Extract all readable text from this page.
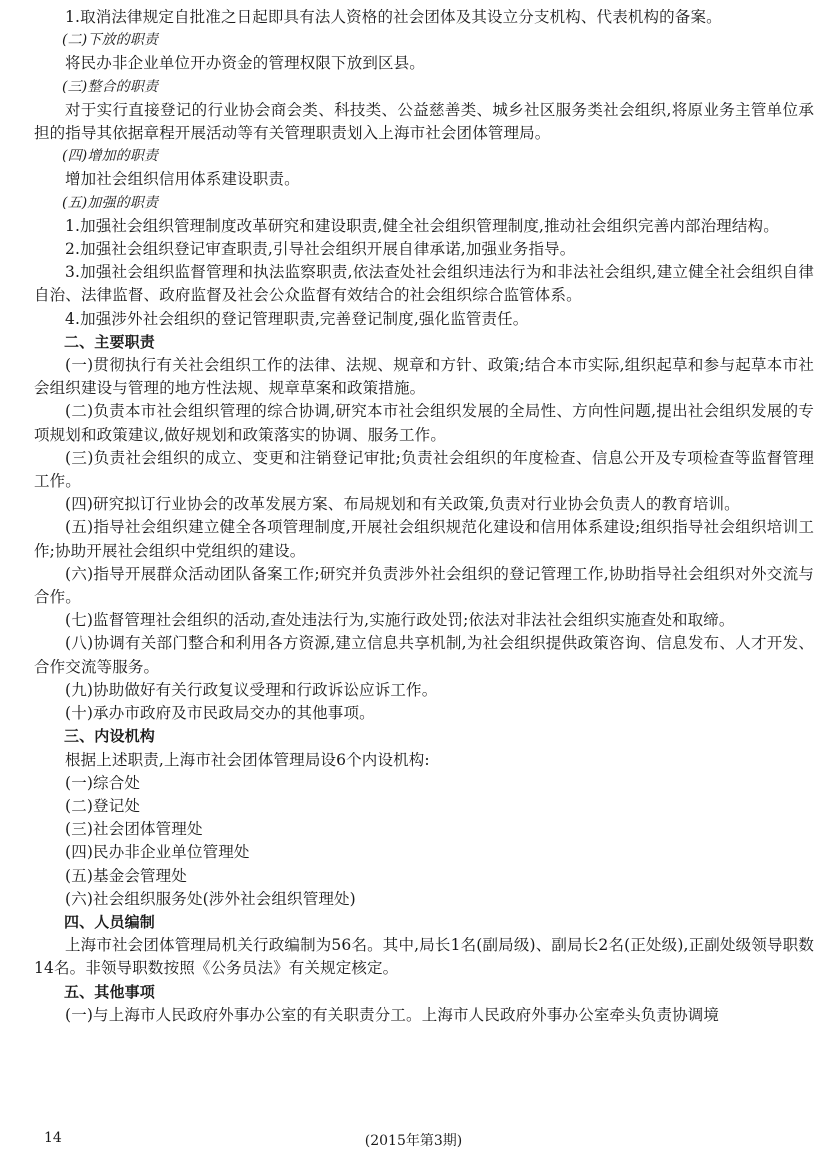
1.取消法律规定自批准之日起即具有法人资格的社会团体及其设立分支机构、代表机构的备案。

(二)下放的职责

将民办非企业单位开办资金的管理权限下放到区县。

(三)整合的职责

对于实行直接登记的行业协会商会类、科技类、公益慈善类、城乡社区服务类社会组织,将原业务主管单位承担的指导其依据章程开展活动等有关管理职责划入上海市社会团体管理局。

(四)增加的职责

增加社会组织信用体系建设职责。

(五)加强的职责

1.加强社会组织管理制度改革研究和建设职责,健全社会组织管理制度,推动社会组织完善内部治理结构。

2.加强社会组织登记审查职责,引导社会组织开展自律承诺,加强业务指导。

3.加强社会组织监督管理和执法监察职责,依法查处社会组织违法行为和非法社会组织,建立健全社会组织自律自治、法律监督、政府监督及社会公众监督有效结合的社会组织综合监管体系。

4.加强涉外社会组织的登记管理职责,完善登记制度,强化监管责任。

二、主要职责

(一)贯彻执行有关社会组织工作的法律、法规、规章和方针、政策;结合本市实际,组织起草和参与起草本市社会组织建设与管理的地方性法规、规章草案和政策措施。

(二)负责本市社会组织管理的综合协调,研究本市社会组织发展的全局性、方向性问题,提出社会组织发展的专项规划和政策建议,做好规划和政策落实的协调、服务工作。

(三)负责社会组织的成立、变更和注销登记审批;负责社会组织的年度检查、信息公开及专项检查等监督管理工作。

(四)研究拟订行业协会的改革发展方案、布局规划和有关政策,负责对行业协会负责人的教育培训。

(五)指导社会组织建立健全各项管理制度,开展社会组织规范化建设和信用体系建设;组织指导社会组织培训工作;协助开展社会组织中党组织的建设。

(六)指导开展群众活动团队备案工作;研究并负责涉外社会组织的登记管理工作,协助指导社会组织对外交流与合作。

(七)监督管理社会组织的活动,查处违法行为,实施行政处罚;依法对非法社会组织实施查处和取缔。

(八)协调有关部门整合和利用各方资源,建立信息共享机制,为社会组织提供政策咨询、信息发布、人才开发、合作交流等服务。

(九)协助做好有关行政复议受理和行政诉讼应诉工作。

(十)承办市政府及市民政局交办的其他事项。

三、内设机构

根据上述职责,上海市社会团体管理局设6个内设机构:

(一)综合处

(二)登记处

(三)社会团体管理处

(四)民办非企业单位管理处

(五)基金会管理处

(六)社会组织服务处(涉外社会组织管理处)

四、人员编制

上海市社会团体管理局机关行政编制为56名。其中,局长1名(副局级)、副局长2名(正处级),正副处级领导职数14名。非领导职数按照《公务员法》有关规定核定。

五、其他事项

(一)与上海市人民政府外事办公室的有关职责分工。上海市人民政府外事办公室牵头负责协调境

14	(2015年第3期)
